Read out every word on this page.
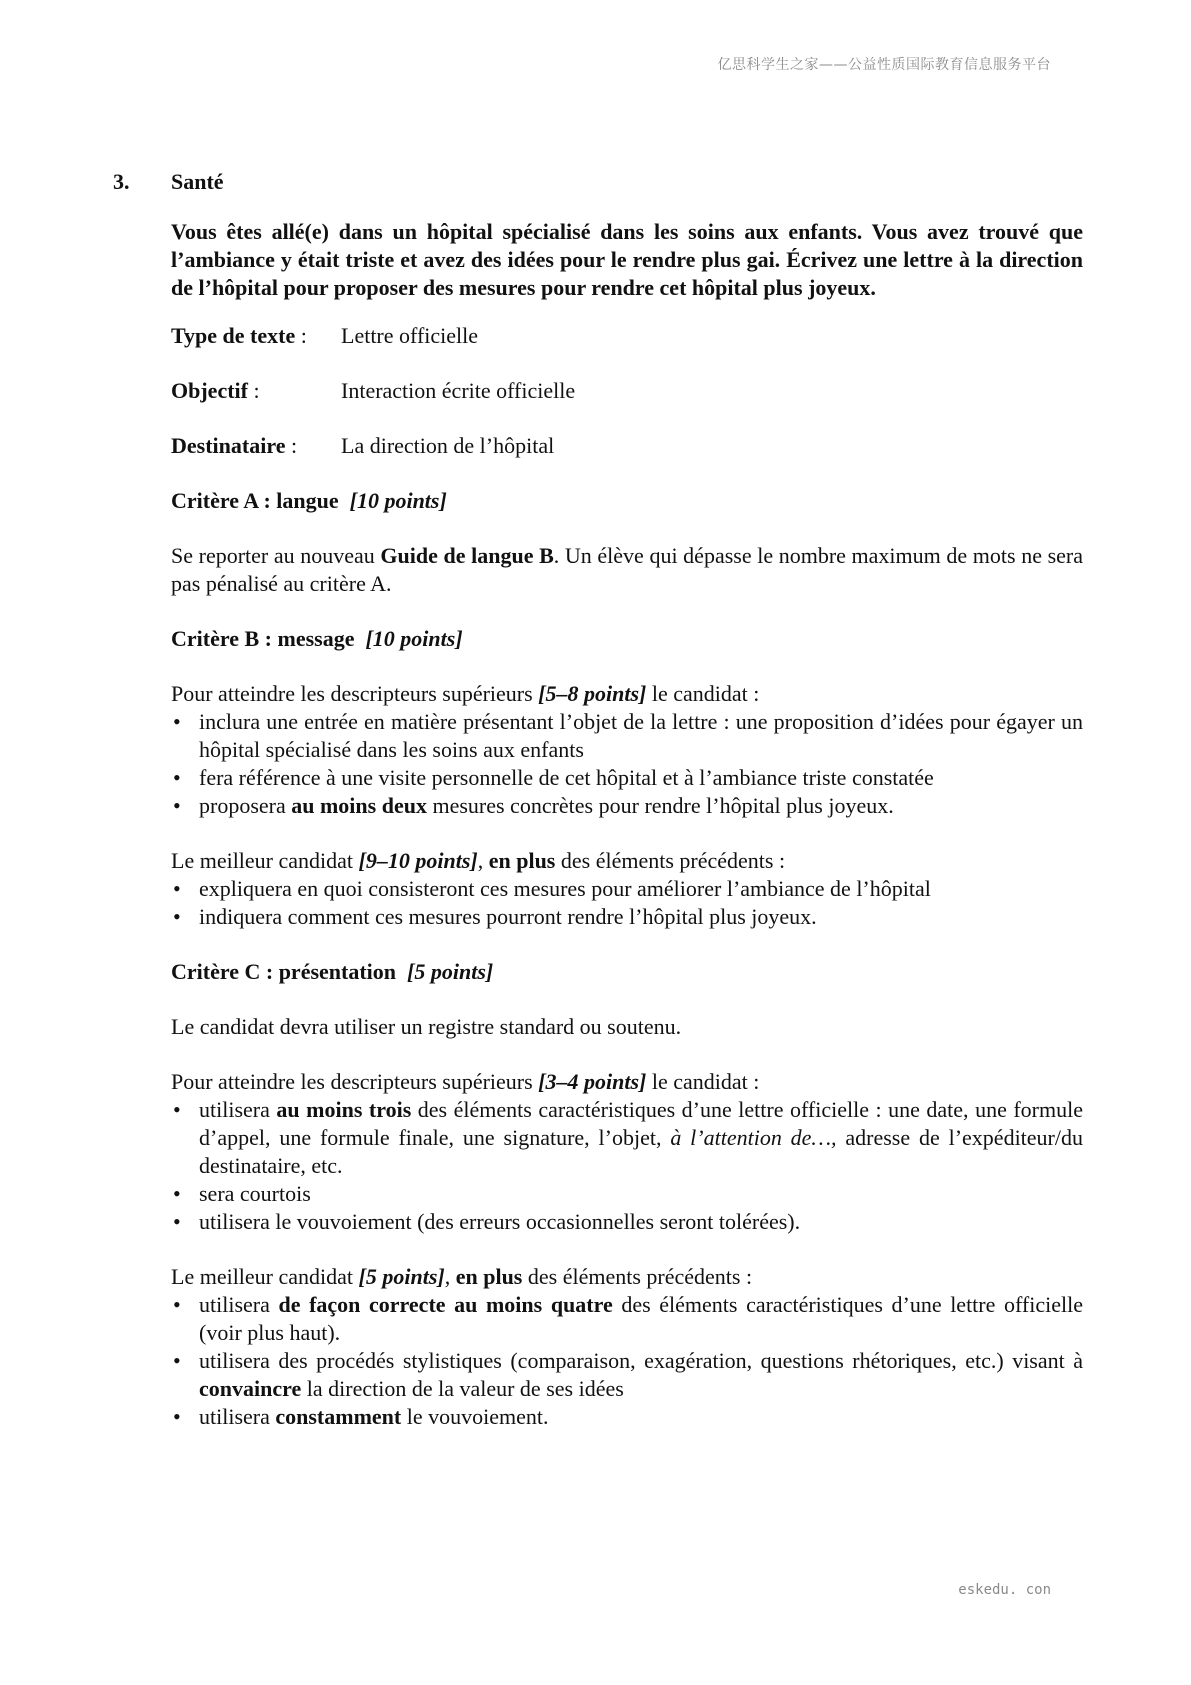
亿思科学生之家——公益性质国际教育信息服务平台
3.	Santé

Vous êtes allé(e) dans un hôpital spécialisé dans les soins aux enfants. Vous avez trouvé que l’ambiance y était triste et avez des idées pour le rendre plus gai. Écrivez une lettre à la direction de l’hôpital pour proposer des mesures pour rendre cet hôpital plus joyeux.

Type de texte :	Lettre officielle
Objectif :	Interaction écrite officielle
Destinataire :	La direction de l’hôpital
Critère A : langue [10 points]

Se reporter au nouveau Guide de langue B. Un élève qui dépasse le nombre maximum de mots ne sera pas pénalisé au critère A.

Critère B : message [10 points]

Pour atteindre les descripteurs supérieurs [5–8 points] le candidat :

• inclura une entrée en matière présentant l’objet de la lettre : une proposition d’idées pour égayer un hôpital spécialisé dans les soins aux enfants
• fera référence à une visite personnelle de cet hôpital et à l’ambiance triste constatée
• proposera au moins deux mesures concrètes pour rendre l’hôpital plus joyeux.

Le meilleur candidat [9–10 points], en plus des éléments précédents :

• expliquera en quoi consisteront ces mesures pour améliorer l’ambiance de l’hôpital
• indiquera comment ces mesures pourront rendre l’hôpital plus joyeux.
Critère C : présentation [5 points]

Le candidat devra utiliser un registre standard ou soutenu.

Pour atteindre les descripteurs supérieurs [3–4 points] le candidat :

• utilisera au moins trois des éléments caractéristiques d’une lettre officielle : une date, une formule d’appel, une formule finale, une signature, l’objet, à l’attention de…, adresse de l’expéditeur/du destinataire, etc.
• sera courtois
• utilisera le vouvoiement (des erreurs occasionnelles seront tolérées).

Le meilleur candidat [5 points], en plus des éléments précédents :

• utilisera de façon correcte au moins quatre des éléments caractéristiques d’une lettre officielle (voir plus haut).
• utilisera des procédés stylistiques (comparaison, exagération, questions rhétoriques, etc.) visant à convaincre la direction de la valeur de ses idées
• utilisera constamment le vouvoiement.
eskedu. con
